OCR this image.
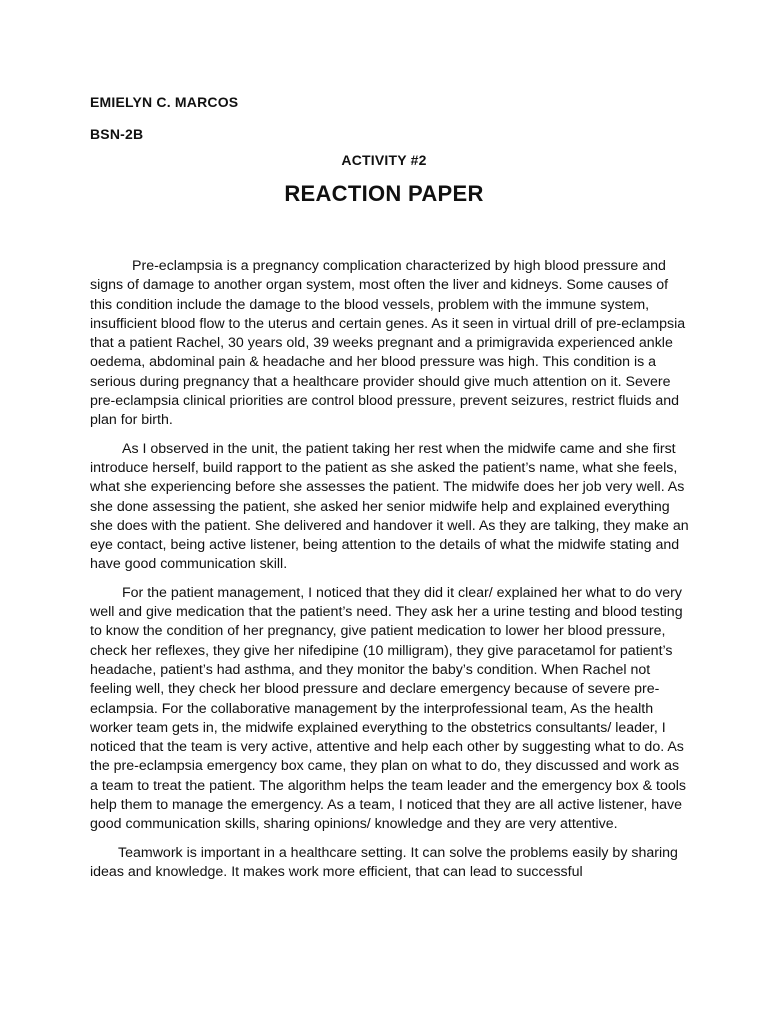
EMIELYN C. MARCOS
BSN-2B
ACTIVITY #2
REACTION PAPER

Pre-eclampsia is a pregnancy complication characterized by high blood pressure and signs of damage to another organ system, most often the liver and kidneys. Some causes of this condition include the damage to the blood vessels, problem with the immune system, insufficient blood flow to the uterus and certain genes. As it seen in virtual drill of pre-eclampsia that a patient Rachel, 30 years old, 39 weeks pregnant and a primigravida experienced ankle oedema, abdominal pain & headache and her blood pressure was high. This condition is a serious during pregnancy that a healthcare provider should give much attention on it. Severe pre-eclampsia clinical priorities are control blood pressure, prevent seizures, restrict fluids and plan for birth.

As I observed in the unit, the patient taking her rest when the midwife came and she first introduce herself, build rapport to the patient as she asked the patient’s name, what she feels, what she experiencing before she assesses the patient. The midwife does her job very well. As she done assessing the patient, she asked her senior midwife help and explained everything she does with the patient. She delivered and handover it well. As they are talking, they make an eye contact, being active listener, being attention to the details of what the midwife stating and have good communication skill.

For the patient management, I noticed that they did it clear/ explained her what to do very well and give medication that the patient’s need. They ask her a urine testing and blood testing to know the condition of her pregnancy, give patient medication to lower her blood pressure, check her reflexes, they give her nifedipine (10 milligram), they give paracetamol for patient’s headache, patient’s had asthma, and they monitor the baby’s condition. When Rachel not feeling well, they check her blood pressure and declare emergency because of severe pre-eclampsia. For the collaborative management by the interprofessional team, As the health worker team gets in, the midwife explained everything to the obstetrics consultants/ leader, I noticed that the team is very active, attentive and help each other by suggesting what to do. As the pre-eclampsia emergency box came, they plan on what to do, they discussed and work as a team to treat the patient. The algorithm helps the team leader and the emergency box & tools help them to manage the emergency. As a team, I noticed that they are all active listener, have good communication skills, sharing opinions/ knowledge and they are very attentive.

Teamwork is important in a healthcare setting. It can solve the problems easily by sharing ideas and knowledge. It makes work more efficient, that can lead to successful
